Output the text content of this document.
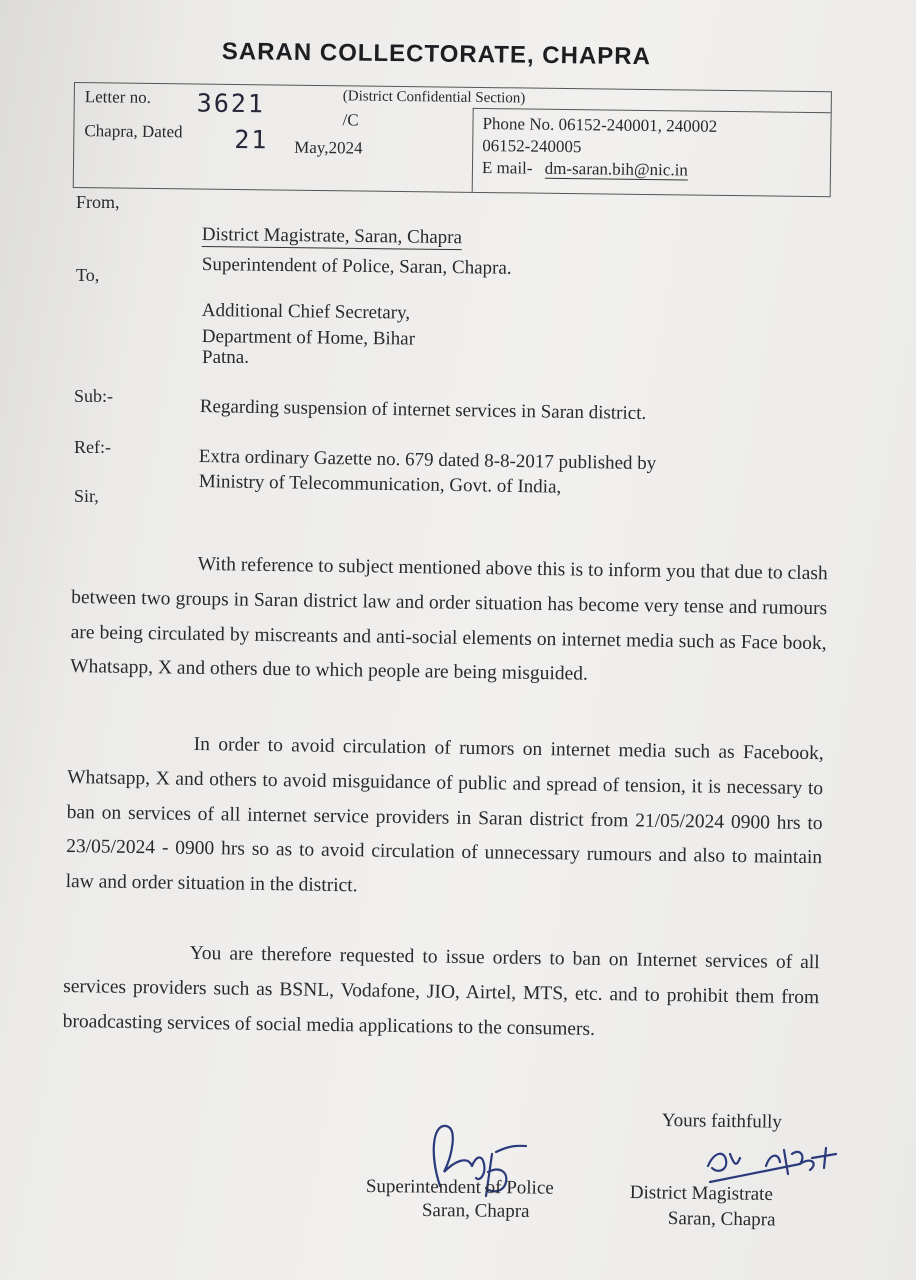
SARAN COLLECTORATE, CHAPRA
(District Confidential Section)
Letter no. 3621
/C
Chapra, Dated 21 May,2024
Phone No. 06152-240001, 240002
06152-240005
E mail- dm-saran.bih@nic.in
From,
District Magistrate, Saran, Chapra
Superintendent of Police, Saran, Chapra.
To,
Additional Chief Secretary,
Department of Home, Bihar
Patna.
Sub:-	Regarding suspension of internet services in Saran district.
Ref:-	Extra ordinary Gazette no. 679 dated 8-8-2017 published by
Ministry of Telecommunication, Govt. of India,
Sir,
With reference to subject mentioned above this is to inform you that due to clash between two groups in Saran district law and order situation has become very tense and rumours are being circulated by miscreants and anti-social elements on internet media such as Face book, Whatsapp, X and others due to which people are being misguided.
In order to avoid circulation of rumors on internet media such as Facebook, Whatsapp, X and others to avoid misguidance of public and spread of tension, it is necessary to ban on services of all internet service providers in Saran district from 21/05/2024 0900 hrs to 23/05/2024 - 0900 hrs so as to avoid circulation of unnecessary rumours and also to maintain law and order situation in the district.
You are therefore requested to issue orders to ban on Internet services of all services providers such as BSNL, Vodafone, JIO, Airtel, MTS, etc. and to prohibit them from broadcasting services of social media applications to the consumers.
Yours faithfully
Superintendent of Police
Saran, Chapra
District Magistrate
Saran, Chapra
